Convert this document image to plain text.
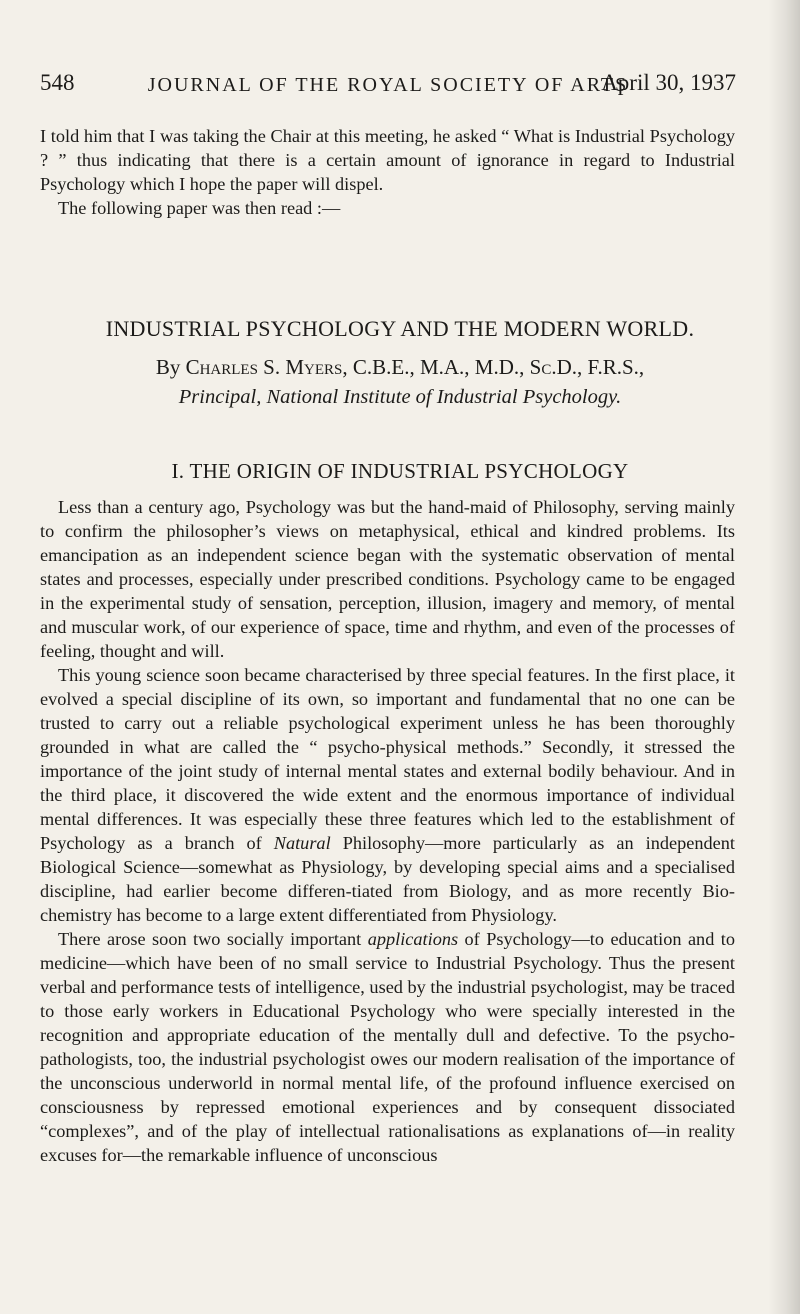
548	JOURNAL OF THE ROYAL SOCIETY OF ARTS
April 30, 1937

I told him that I was taking the Chair at this meeting, he asked “ What is Industrial Psychology ? ” thus indicating that there is a certain amount of ignorance in regard to Industrial Psychology which I hope the paper will dispel.

The following paper was then read :—

INDUSTRIAL PSYCHOLOGY AND THE MODERN WORLD.
By Charles S. Myers, C.B.E., M.A., M.D., Sc.D., F.R.S.,
Principal, National Institute of Industrial Psychology.
I. THE ORIGIN OF INDUSTRIAL PSYCHOLOGY

Less than a century ago, Psychology was but the hand-maid of Philosophy, serving mainly to confirm the philosopher’s views on metaphysical, ethical and kindred problems. Its emancipation as an independent science began with the systematic observation of mental states and processes, especially under prescribed conditions. Psychology came to be engaged in the experimental study of sensation, perception, illusion, imagery and memory, of mental and muscular work, of our experience of space, time and rhythm, and even of the processes of feeling, thought and will.

This young science soon became characterised by three special features. In the first place, it evolved a special discipline of its own, so important and fundamental that no one can be trusted to carry out a reliable psychological experiment unless he has been thoroughly grounded in what are called the “ psycho-physical methods.” Secondly, it stressed the importance of the joint study of internal mental states and external bodily behaviour. And in the third place, it discovered the wide extent and the enormous importance of individual mental differences. It was especially these three features which led to the establishment of Psychology as a branch of Natural Philosophy—more particularly as an independent Biological Science—somewhat as Physiology, by developing special aims and a specialised discipline, had earlier become differen-tiated from Biology, and as more recently Bio-chemistry has become to a large extent differentiated from Physiology.

There arose soon two socially important applications of Psychology—to education and to medicine—which have been of no small service to Industrial Psychology. Thus the present verbal and performance tests of intelligence, used by the industrial psychologist, may be traced to those early workers in Educational Psychology who were specially interested in the recognition and appropriate education of the mentally dull and defective. To the psycho-pathologists, too, the industrial psychologist owes our modern realisation of the importance of the unconscious underworld in normal mental life, of the profound influence exercised on consciousness by repressed emotional experiences and by consequent dissociated “complexes”, and of the play of intellectual rationalisations as explanations of—in reality excuses for—the remarkable influence of unconscious
